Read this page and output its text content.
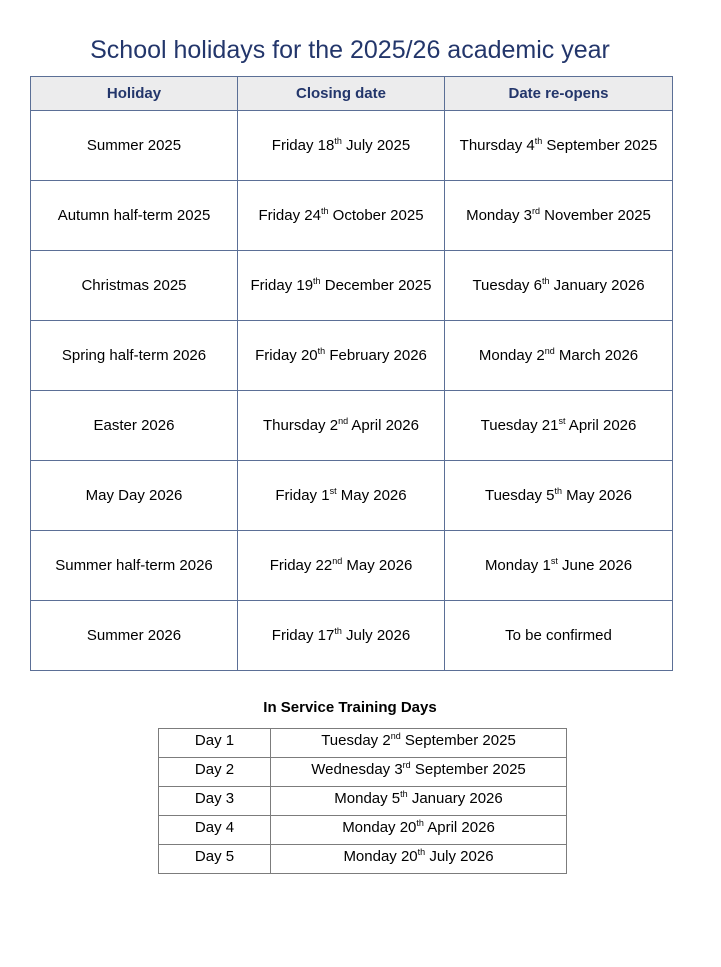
School holidays for the 2025/26 academic year
Holiday	Closing date	Date re-opens
Summer 2025	Friday 18th July 2025	Thursday 4th September 2025
Autumn half-term 2025	Friday 24th October 2025	Monday 3rd November 2025
Christmas 2025	Friday 19th December 2025	Tuesday 6th January 2026
Spring half-term 2026	Friday 20th February 2026	Monday 2nd March 2026
Easter 2026	Thursday 2nd April 2026	Tuesday 21st April 2026
May Day 2026	Friday 1st May 2026	Tuesday 5th May 2026
Summer half-term 2026	Friday 22nd May 2026	Monday 1st June 2026
Summer 2026	Friday 17th July 2026	To be confirmed
In Service Training Days
Day 1	Tuesday 2nd September 2025
Day 2	Wednesday 3rd September 2025
Day 3	Monday 5th January 2026
Day 4	Monday 20th April 2026
Day 5	Monday 20th July 2026
